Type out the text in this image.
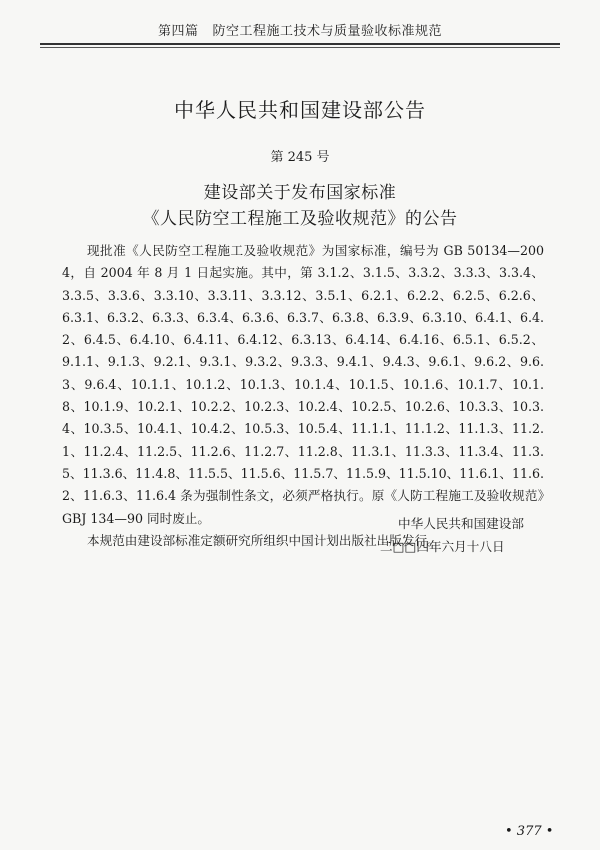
第四篇 防空工程施工技术与质量验收标准规范
中华人民共和国建设部公告
第 245 号
建设部关于发布国家标准
《人民防空工程施工及验收规范》的公告

现批准《人民防空工程施工及验收规范》为国家标准，编号为 GB 50134—2004，自 2004 年 8 月 1 日起实施。其中，第 3.1.2、3.1.5、3.3.2、3.3.3、3.3.4、3.3.5、3.3.6、3.3.10、3.3.11、3.3.12、3.5.1、6.2.1、6.2.2、6.2.5、6.2.6、6.3.1、6.3.2、6.3.3、6.3.4、6.3.6、6.3.7、6.3.8、6.3.9、6.3.10、6.4.1、6.4.2、6.4.5、6.4.10、6.4.11、6.4.12、6.3.13、6.4.14、6.4.16、6.5.1、6.5.2、9.1.1、9.1.3、9.2.1、9.3.1、9.3.2、9.3.3、9.4.1、9.4.3、9.6.1、9.6.2、9.6.3、9.6.4、10.1.1、10.1.2、10.1.3、10.1.4、10.1.5、10.1.6、10.1.7、10.1.8、10.1.9、10.2.1、10.2.2、10.2.3、10.2.4、10.2.5、10.2.6、10.3.3、10.3.4、10.3.5、10.4.1、10.4.2、10.5.3、10.5.4、11.1.1、11.1.2、11.1.3、11.2.1、11.2.4、11.2.5、11.2.6、11.2.7、11.2.8、11.3.1、11.3.3、11.3.4、11.3.5、11.3.6、11.4.8、11.5.5、11.5.6、11.5.7、11.5.9、11.5.10、11.6.1、11.6.2、11.6.3、11.6.4 条为强制性条文，必须严格执行。原《人防工程施工及验收规范》GBJ 134—90 同时废止。

本规范由建设部标准定额研究所组织中国计划出版社出版发行。

中华人民共和国建设部
二□□四年六月十八日
• 377 •
